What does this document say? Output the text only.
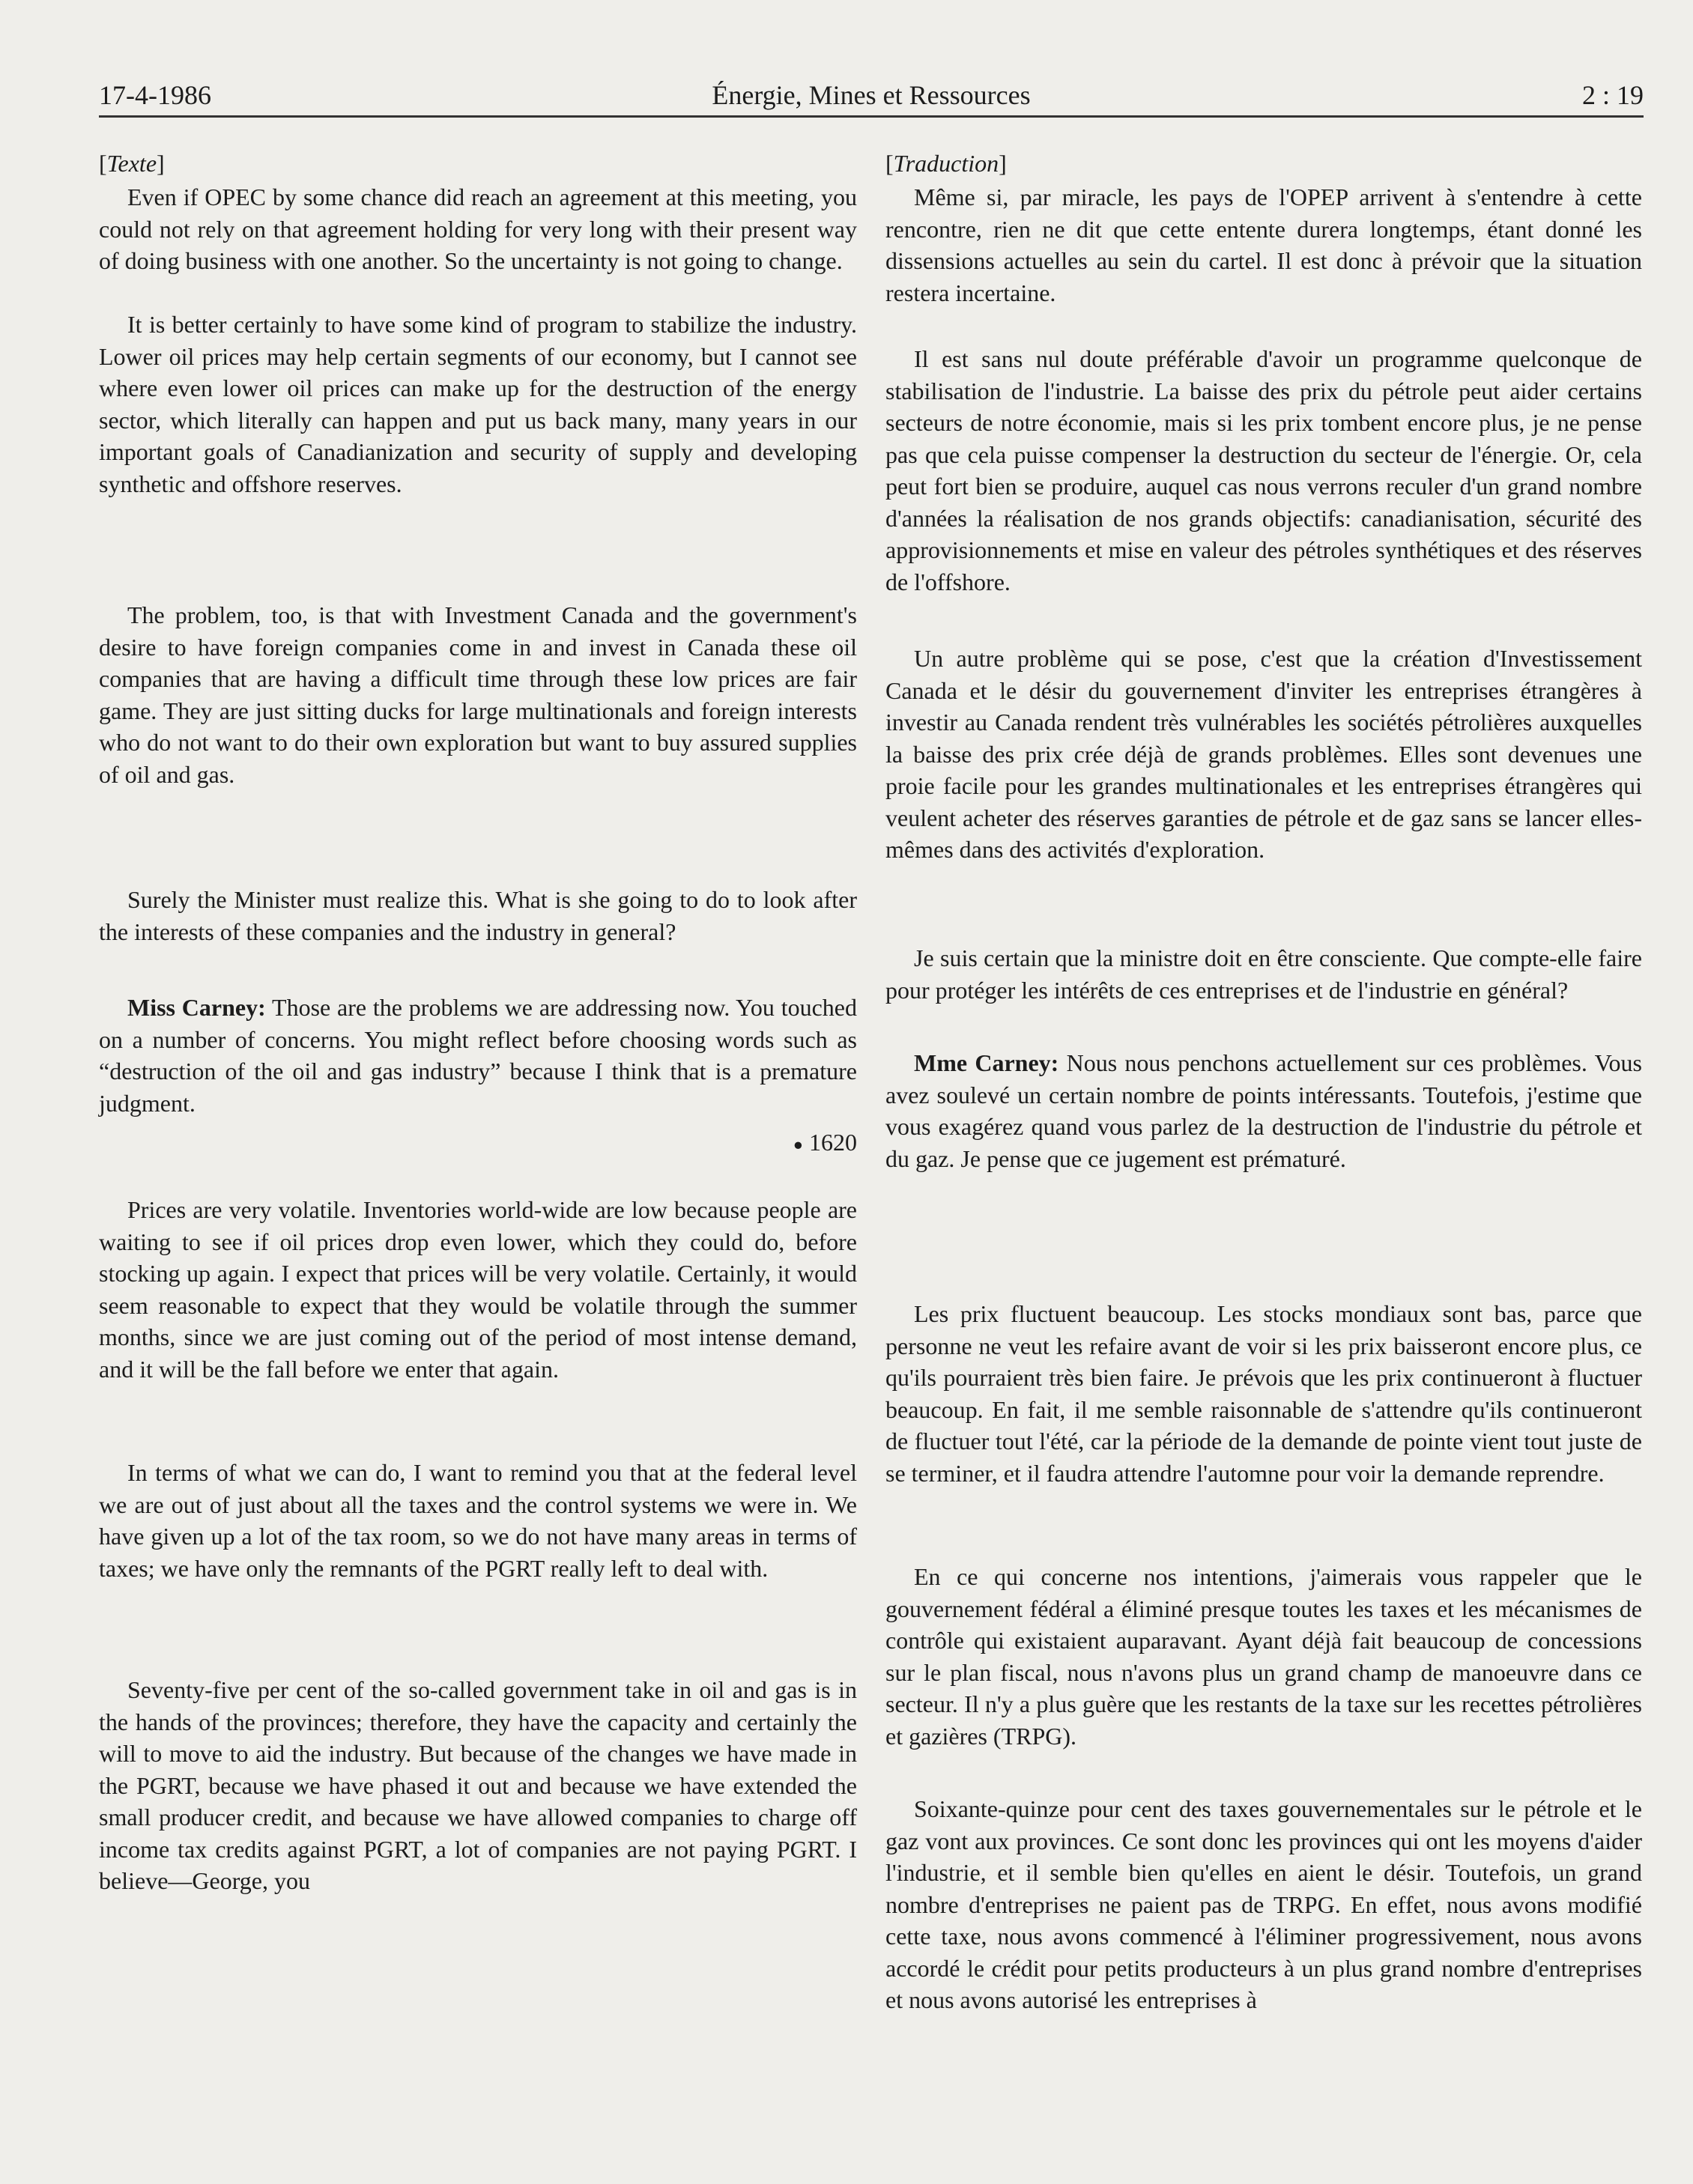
17-4-1986	Énergie, Mines et Ressources	2 : 19
[Texte]

Even if OPEC by some chance did reach an agreement at this meeting, you could not rely on that agreement holding for very long with their present way of doing business with one another. So the uncertainty is not going to change.

It is better certainly to have some kind of program to stabilize the industry. Lower oil prices may help certain segments of our economy, but I cannot see where even lower oil prices can make up for the destruction of the energy sector, which literally can happen and put us back many, many years in our important goals of Canadianization and security of supply and developing synthetic and offshore reserves.

The problem, too, is that with Investment Canada and the government's desire to have foreign companies come in and invest in Canada these oil companies that are having a difficult time through these low prices are fair game. They are just sitting ducks for large multinationals and foreign interests who do not want to do their own exploration but want to buy assured supplies of oil and gas.

Surely the Minister must realize this. What is she going to do to look after the interests of these companies and the industry in general?

Miss Carney: Those are the problems we are addressing now. You touched on a number of concerns. You might reflect before choosing words such as “destruction of the oil and gas industry” because I think that is a premature judgment.

● 1620

Prices are very volatile. Inventories world-wide are low because people are waiting to see if oil prices drop even lower, which they could do, before stocking up again. I expect that prices will be very volatile. Certainly, it would seem reasonable to expect that they would be volatile through the summer months, since we are just coming out of the period of most intense demand, and it will be the fall before we enter that again.

In terms of what we can do, I want to remind you that at the federal level we are out of just about all the taxes and the control systems we were in. We have given up a lot of the tax room, so we do not have many areas in terms of taxes; we have only the remnants of the PGRT really left to deal with.

Seventy-five per cent of the so-called government take in oil and gas is in the hands of the provinces; therefore, they have the capacity and certainly the will to move to aid the industry. But because of the changes we have made in the PGRT, because we have phased it out and because we have extended the small producer credit, and because we have allowed companies to charge off income tax credits against PGRT, a lot of companies are not paying PGRT. I believe—George, you

[Traduction]

Même si, par miracle, les pays de l'OPEP arrivent à s'entendre à cette rencontre, rien ne dit que cette entente durera longtemps, étant donné les dissensions actuelles au sein du cartel. Il est donc à prévoir que la situation restera incertaine.

Il est sans nul doute préférable d'avoir un programme quelconque de stabilisation de l'industrie. La baisse des prix du pétrole peut aider certains secteurs de notre économie, mais si les prix tombent encore plus, je ne pense pas que cela puisse compenser la destruction du secteur de l'énergie. Or, cela peut fort bien se produire, auquel cas nous verrons reculer d'un grand nombre d'années la réalisation de nos grands objectifs: canadianisation, sécurité des approvisionnements et mise en valeur des pétroles synthétiques et des réserves de l'offshore.

Un autre problème qui se pose, c'est que la création d'Investissement Canada et le désir du gouvernement d'inviter les entreprises étrangères à investir au Canada rendent très vulnérables les sociétés pétrolières auxquelles la baisse des prix crée déjà de grands problèmes. Elles sont devenues une proie facile pour les grandes multinationales et les entreprises étrangères qui veulent acheter des réserves garanties de pétrole et de gaz sans se lancer elles-mêmes dans des activités d'exploration.

Je suis certain que la ministre doit en être consciente. Que compte-elle faire pour protéger les intérêts de ces entreprises et de l'industrie en général?

Mme Carney: Nous nous penchons actuellement sur ces problèmes. Vous avez soulevé un certain nombre de points intéressants. Toutefois, j'estime que vous exagérez quand vous parlez de la destruction de l'industrie du pétrole et du gaz. Je pense que ce jugement est prématuré.

Les prix fluctuent beaucoup. Les stocks mondiaux sont bas, parce que personne ne veut les refaire avant de voir si les prix baisseront encore plus, ce qu'ils pourraient très bien faire. Je prévois que les prix continueront à fluctuer beaucoup. En fait, il me semble raisonnable de s'attendre qu'ils continueront de fluctuer tout l'été, car la période de la demande de pointe vient tout juste de se terminer, et il faudra attendre l'automne pour voir la demande reprendre.

En ce qui concerne nos intentions, j'aimerais vous rappeler que le gouvernement fédéral a éliminé presque toutes les taxes et les mécanismes de contrôle qui existaient auparavant. Ayant déjà fait beaucoup de concessions sur le plan fiscal, nous n'avons plus un grand champ de manoeuvre dans ce secteur. Il n'y a plus guère que les restants de la taxe sur les recettes pétrolières et gazières (TRPG).

Soixante-quinze pour cent des taxes gouvernementales sur le pétrole et le gaz vont aux provinces. Ce sont donc les provinces qui ont les moyens d'aider l'industrie, et il semble bien qu'elles en aient le désir. Toutefois, un grand nombre d'entreprises ne paient pas de TRPG. En effet, nous avons modifié cette taxe, nous avons commencé à l'éliminer progressivement, nous avons accordé le crédit pour petits producteurs à un plus grand nombre d'entreprises et nous avons autorisé les entreprises à
